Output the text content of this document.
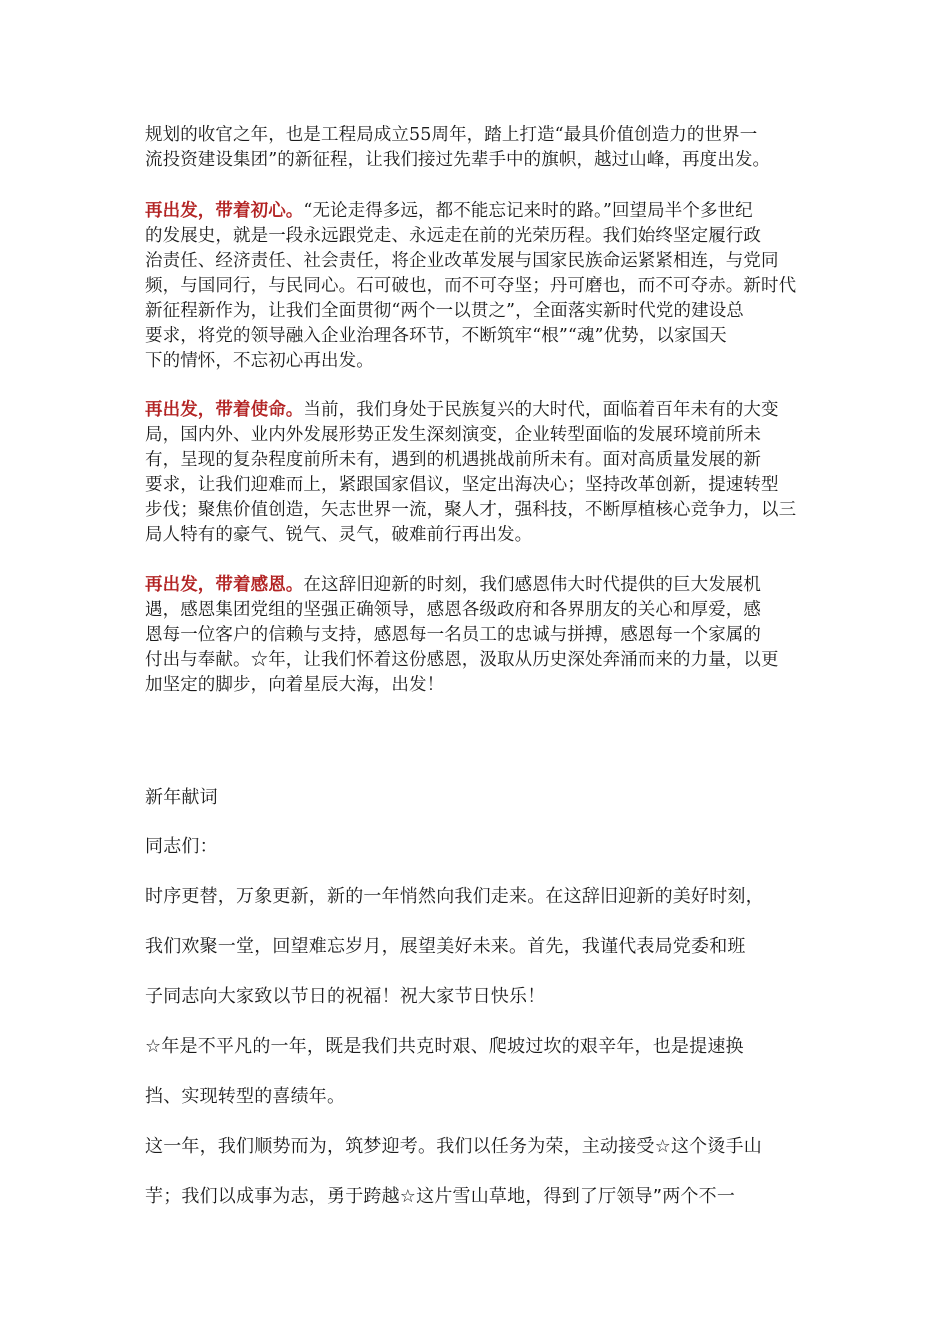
规划的收官之年，也是工程局成立55周年，踏上打造“最具价值创造力的世界一
流投资建设集团”的新征程，让我们接过先辈手中的旗帜，越过山峰，再度出发。
再出发，带着初心。“无论走得多远，都不能忘记来时的路。”回望局半个多世纪
的发展史，就是一段永远跟党走、永远走在前的光荣历程。我们始终坚定履行政
治责任、经济责任、社会责任，将企业改革发展与国家民族命运紧紧相连，与党同
频，与国同行，与民同心。石可破也，而不可夺坚；丹可磨也，而不可夺赤。新时代
新征程新作为，让我们全面贯彻“两个一以贯之”，全面落实新时代党的建设总
要求，将党的领导融入企业治理各环节，不断筑牢“根”“魂”优势，以家国天
下的情怀，不忘初心再出发。
再出发，带着使命。当前，我们身处于民族复兴的大时代，面临着百年未有的大变
局，国内外、业内外发展形势正发生深刻演变，企业转型面临的发展环境前所未
有，呈现的复杂程度前所未有，遇到的机遇挑战前所未有。面对高质量发展的新
要求，让我们迎难而上，紧跟国家倡议，坚定出海决心；坚持改革创新，提速转型
步伐；聚焦价值创造，矢志世界一流，聚人才，强科技，不断厚植核心竞争力，以三
局人特有的豪气、锐气、灵气，破难前行再出发。
再出发，带着感恩。在这辞旧迎新的时刻，我们感恩伟大时代提供的巨大发展机
遇，感恩集团党组的坚强正确领导，感恩各级政府和各界朋友的关心和厚爱，感
恩每一位客户的信赖与支持，感恩每一名员工的忠诚与拼搏，感恩每一个家属的
付出与奉献。☆年，让我们怀着这份感恩，汲取从历史深处奔涌而来的力量，以更
加坚定的脚步，向着星辰大海，出发！
新年献词
同志们：
时序更替，万象更新，新的一年悄然向我们走来。在这辞旧迎新的美好时刻，
我们欢聚一堂，回望难忘岁月，展望美好未来。首先，我谨代表局党委和班
子同志向大家致以节日的祝福！祝大家节日快乐！
☆年是不平凡的一年，既是我们共克时艰、爬坡过坎的艰辛年，也是提速换
挡、实现转型的喜绩年。
这一年，我们顺势而为，筑梦迎考。我们以任务为荣，主动接受☆这个烫手山
芋；我们以成事为志，勇于跨越☆这片雪山草地，得到了厅领导”两个不一
